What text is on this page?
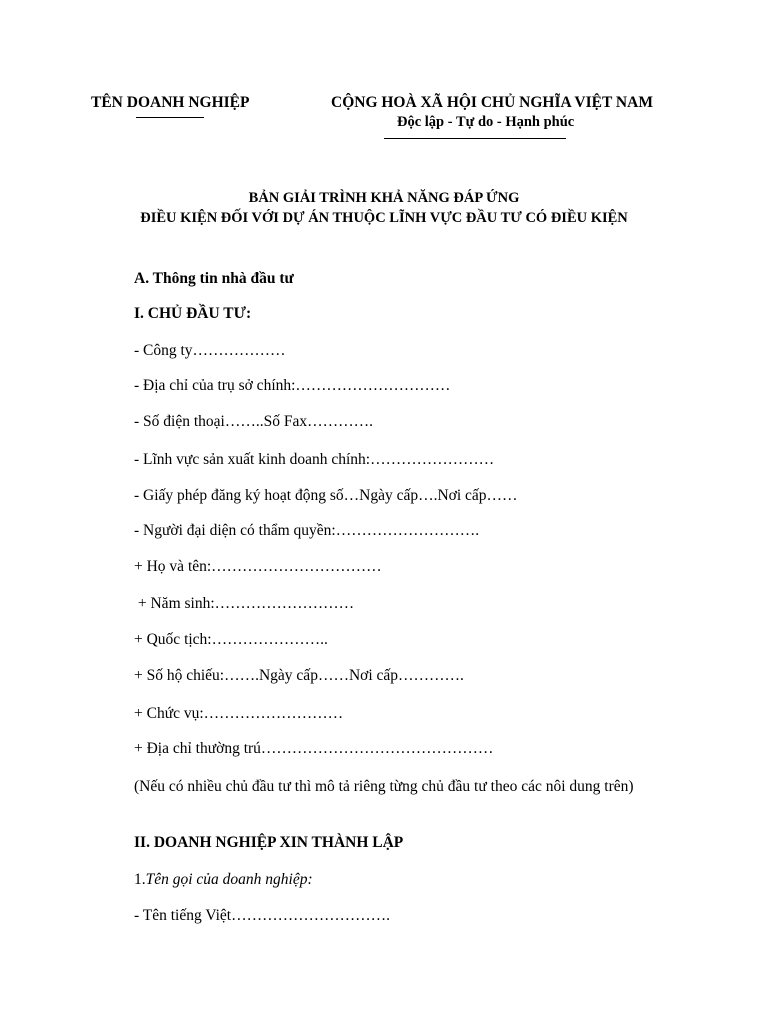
TÊN DOANH NGHIỆP	CỘNG HOÀ XÃ HỘI CHỦ NGHĨA VIỆT NAM
Độc lập - Tự do - Hạnh phúc
BẢN GIẢI TRÌNH KHẢ NĂNG ĐÁP ỨNG
ĐIỀU KIỆN ĐỐI VỚI DỰ ÁN THUỘC LĨNH VỰC ĐẦU TƯ CÓ ĐIỀU KIỆN
A. Thông tin nhà đầu tư
I. CHỦ ĐẦU TƯ:
- Công ty………………
- Địa chỉ của trụ sở chính:…………………………
- Số điện thoại……..Số Fax………….
- Lĩnh vực sản xuất kinh doanh chính:……………………
- Giấy phép đăng ký hoạt động số…Ngày cấp….Nơi cấp……
- Người đại diện có thẩm quyền:……………………….
+ Họ và tên:……………………………
+ Năm sinh:………………………
+ Quốc tịch:…………………..
+ Số hộ chiếu:…….Ngày cấp……Nơi cấp………….
+ Chức vụ:………………………
+ Địa chỉ thường trú………………………………………
(Nếu có nhiều chủ đầu tư thì mô tả riêng từng chủ đầu tư theo các nôi dung trên)
II. DOANH NGHIỆP XIN THÀNH LẬP
1.Tên gọi của doanh nghiệp:
- Tên tiếng Việt………………………….
